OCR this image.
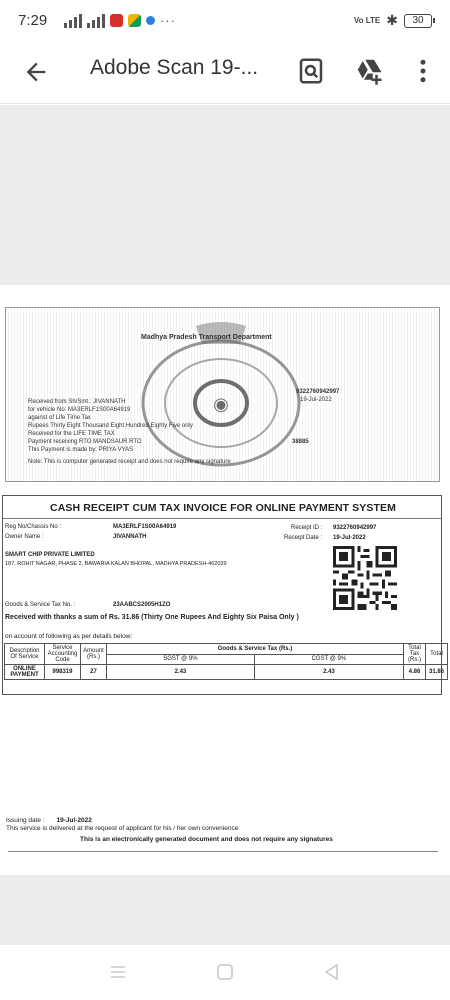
7:29	···	Vo LTE ✱	30
Adobe Scan 19-...
◉
Madhya Pradesh Transport Department
Received from Sh/Smt.: JIVANNATH
for vehicle No: MA3ERLF1S00A64919
against of Life Time Tax
Rupees Thirty Eight Thousand Eight Hundred Eighty Five only
Received for the LIFE TIME TAX
Payment receiving RTO MANDSAUR RTO
This Payment is made by: PRIYA VYAS
Note: This is computer generated receipt and does not require any signature
9322760942997
19-Jul-2022
38885
CASH RECEIPT CUM TAX INVOICE FOR ONLINE PAYMENT SYSTEM
Reg No/Chassis No :	MA3ERLF1S00A64919
Owner Name :	JIVANNATH
Receipt ID : 9322760942997
Receipt Date : 19-Jul-2022
SMART CHIP PRIVATE LIMITED
187, ROHIT NAGAR, PHASE 2, BAWARIA KALAN BHOPAL, MADHYA PRADESH-462039
Goods & Service Tax No. :	23AABCS2005H1ZO
Received with thanks a sum of Rs. 31.86 (Thirty One Rupees And Eighty Six Paisa Only )
on account of following as per details below:
Description Of Service	Service Accounting Code	Amount (Rs.)	Goods & Service Tax (Rs.)		Total Tax (Rs.)	Total
			SGST @ 9%	CGST @ 9%		
ONLINE PAYMENT	998319	27	2.43	2.43	4.86	31.86
Issuing date : 19-Jul-2022
This service is delivered at the request of applicant for his / her own convenience
This is an electronically generated document and does not require any signatures
